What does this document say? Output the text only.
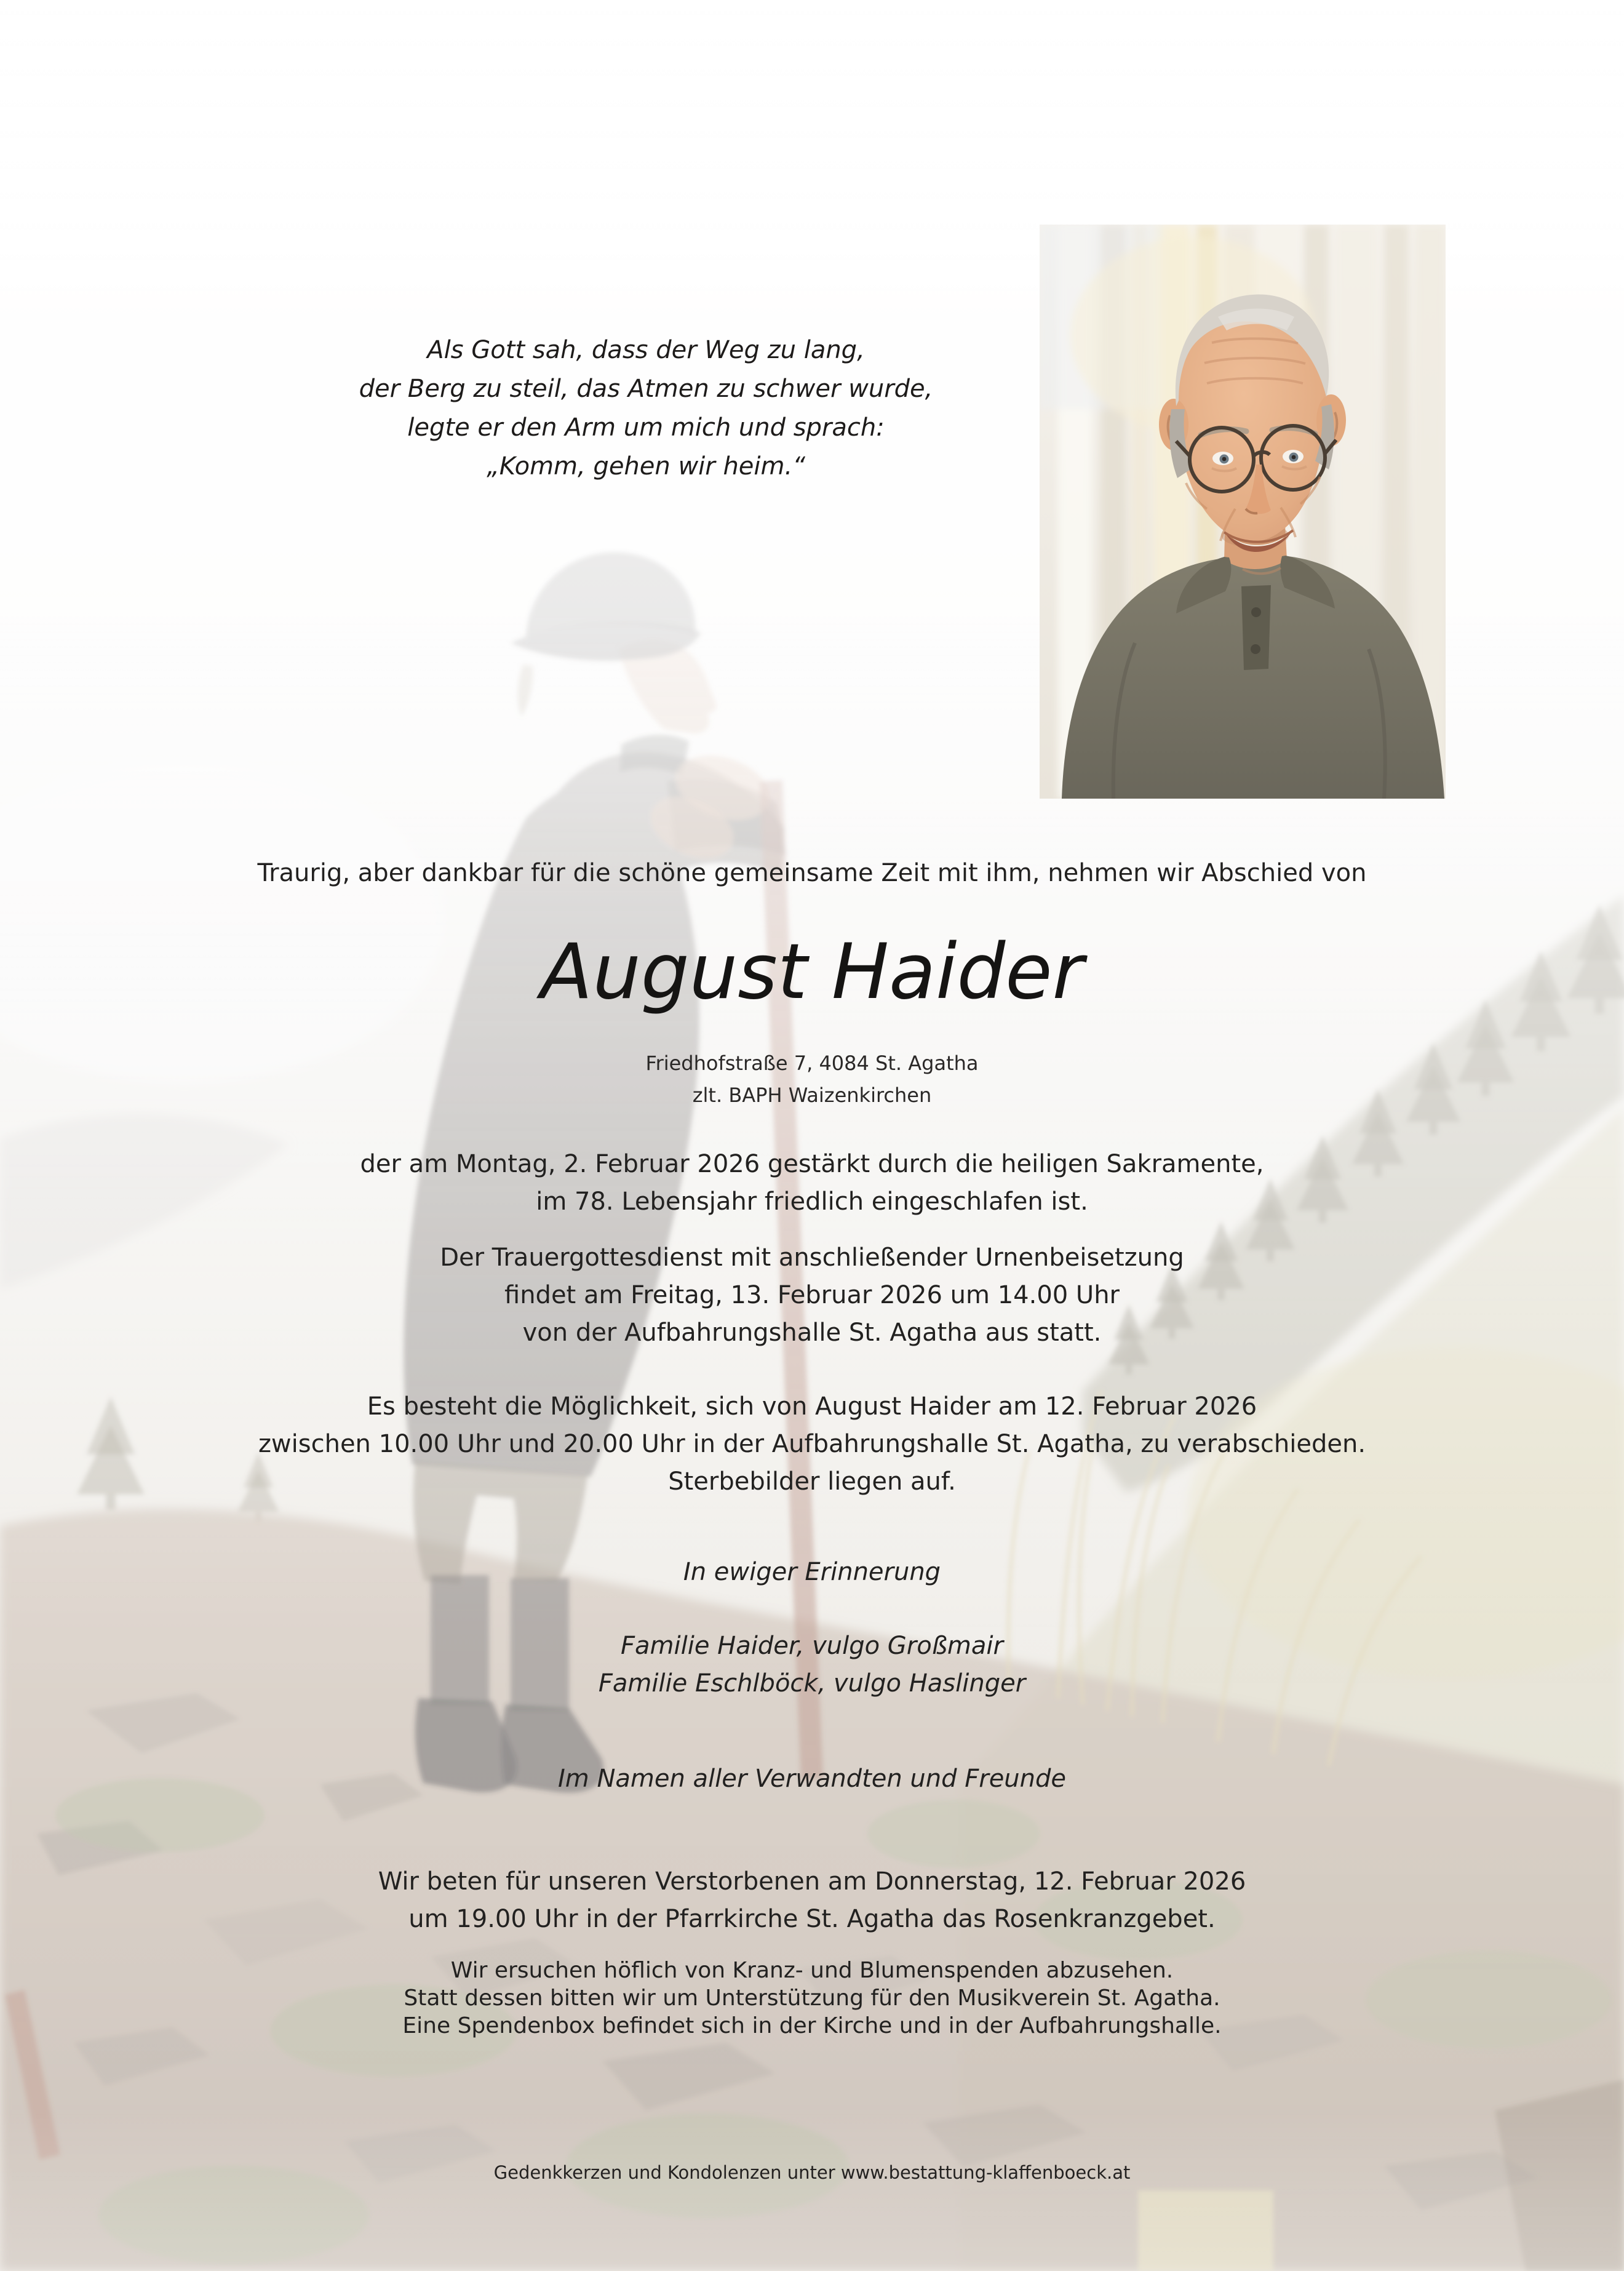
Als Gott sah, dass der Weg zu lang,
der Berg zu steil, das Atmen zu schwer wurde,
legte er den Arm um mich und sprach:
„Komm, gehen wir heim.“
Traurig, aber dankbar für die schöne gemeinsame Zeit mit ihm, nehmen wir Abschied von
August Haider
Friedhofstraße 7, 4084 St. Agatha
zlt. BAPH Waizenkirchen
der am Montag, 2. Februar 2026 gestärkt durch die heiligen Sakramente,
im 78. Lebensjahr friedlich eingeschlafen ist.
Der Trauergottesdienst mit anschließender Urnenbeisetzung
findet am Freitag, 13. Februar 2026 um 14.00 Uhr
von der Aufbahrungshalle St. Agatha aus statt.
Es besteht die Möglichkeit, sich von August Haider am 12. Februar 2026
zwischen 10.00 Uhr und 20.00 Uhr in der Aufbahrungshalle St. Agatha, zu verabschieden.
Sterbebilder liegen auf.
In ewiger Erinnerung
Familie Haider, vulgo Großmair
Familie Eschlböck, vulgo Haslinger
Im Namen aller Verwandten und Freunde
Wir beten für unseren Verstorbenen am Donnerstag, 12. Februar 2026
um 19.00 Uhr in der Pfarrkirche St. Agatha das Rosenkranzgebet.
Wir ersuchen höflich von Kranz- und Blumenspenden abzusehen.
Statt dessen bitten wir um Unterstützung für den Musikverein St. Agatha.
Eine Spendenbox befindet sich in der Kirche und in der Aufbahrungshalle.
Gedenkkerzen und Kondolenzen unter www.bestattung-klaffenboeck.at
